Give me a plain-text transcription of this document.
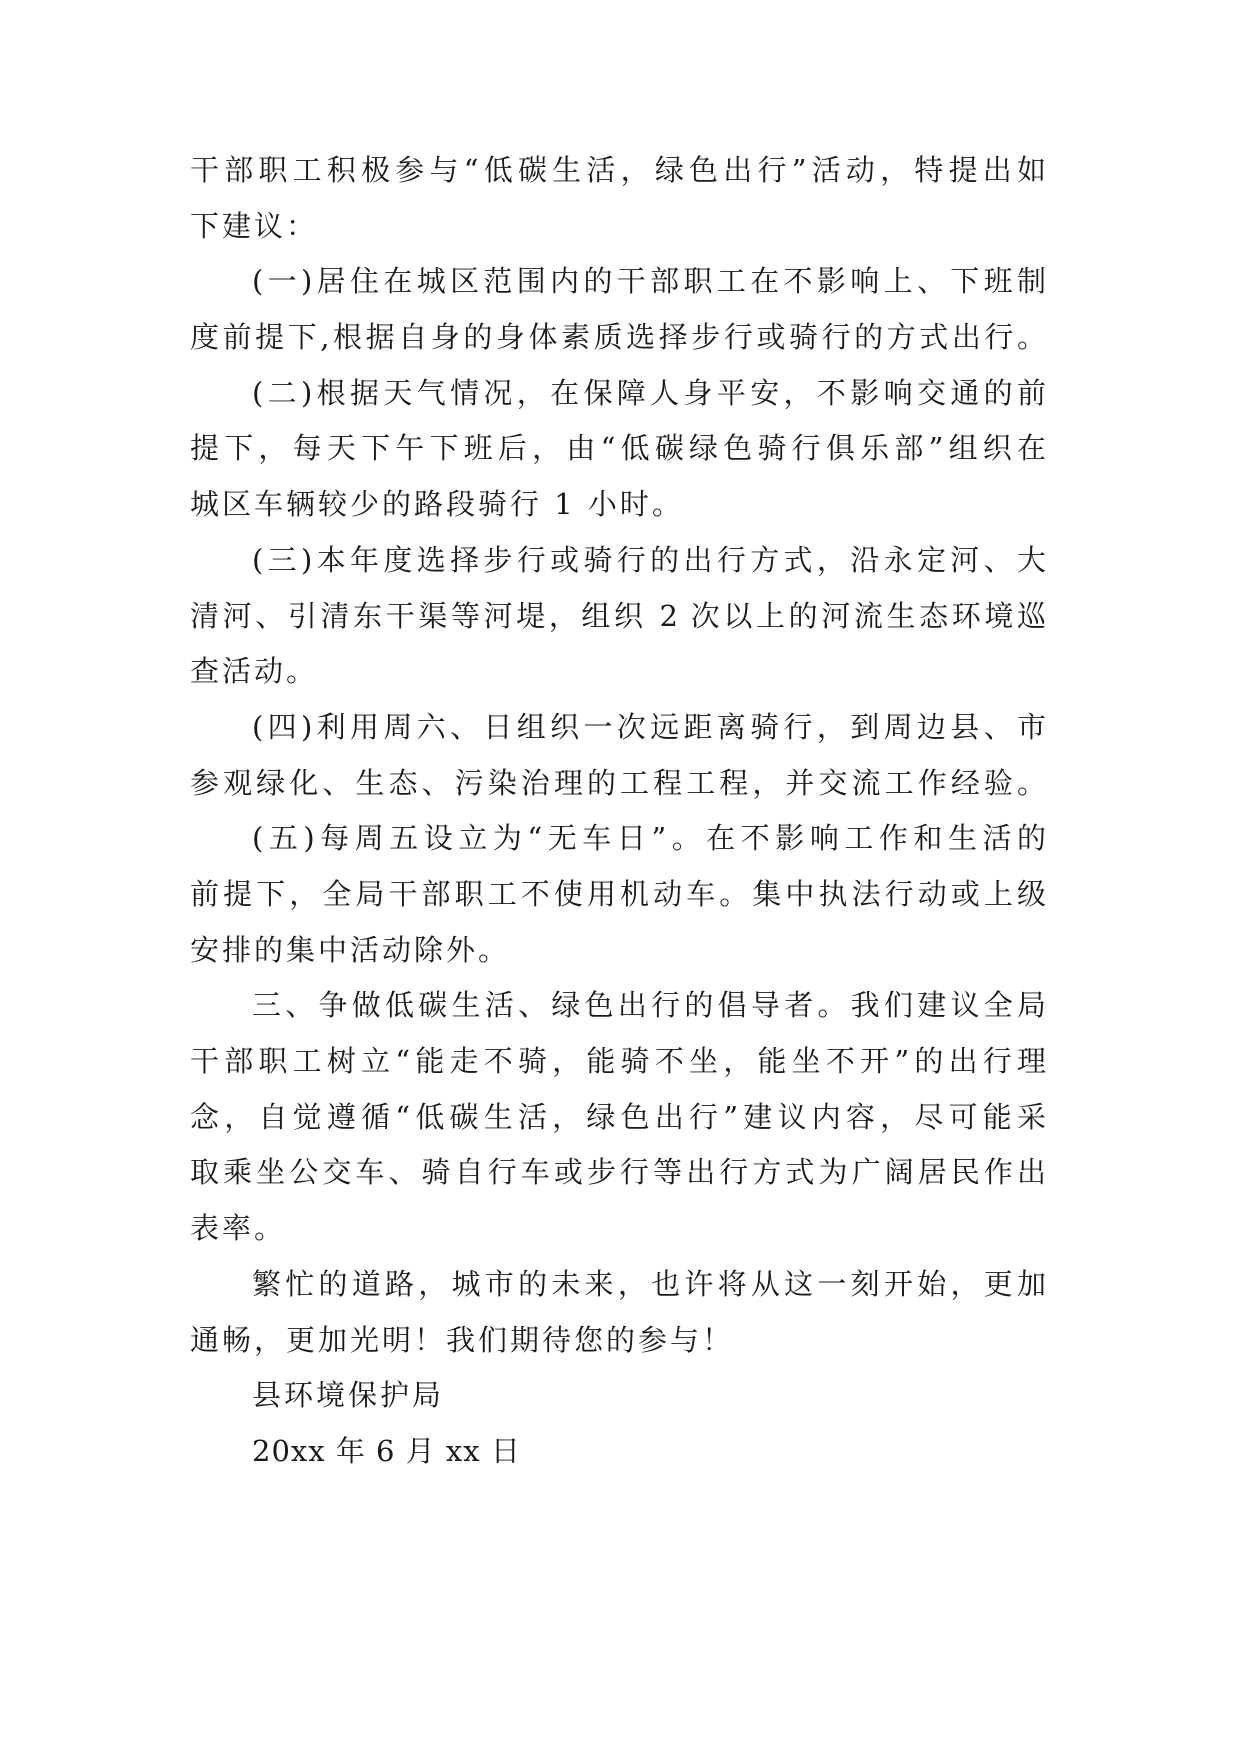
干部职工积极参与“低碳生活，绿色出行”活动，特提出如
下建议：
(一)居住在城区范围内的干部职工在不影响上、下班制
度前提下,根据自身的身体素质选择步行或骑行的方式出行。
(二)根据天气情况，在保障人身平安，不影响交通的前
提下，每天下午下班后，由“低碳绿色骑行俱乐部”组织在
城区车辆较少的路段骑行 1 小时。
(三)本年度选择步行或骑行的出行方式，沿永定河、大
清河、引清东干渠等河堤，组织 2 次以上的河流生态环境巡
查活动。
(四)利用周六、日组织一次远距离骑行，到周边县、市
参观绿化、生态、污染治理的工程工程，并交流工作经验。
(五)每周五设立为“无车日”。在不影响工作和生活的
前提下，全局干部职工不使用机动车。集中执法行动或上级
安排的集中活动除外。
三、争做低碳生活、绿色出行的倡导者。我们建议全局
干部职工树立“能走不骑，能骑不坐，能坐不开”的出行理
念，自觉遵循“低碳生活，绿色出行”建议内容，尽可能采
取乘坐公交车、骑自行车或步行等出行方式为广阔居民作出
表率。
繁忙的道路，城市的未来，也许将从这一刻开始，更加
通畅，更加光明！我们期待您的参与！
县环境保护局
20xx 年 6 月 xx 日
